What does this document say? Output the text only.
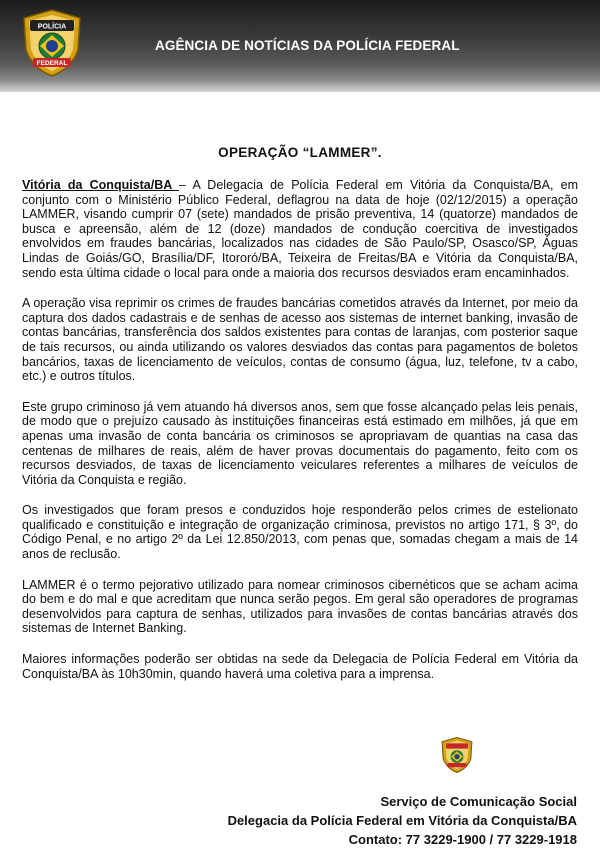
POLÍCIA
FEDERAL
AGÊNCIA DE NOTÍCIAS DA POLÍCIA FEDERAL
OPERAÇÃO “LAMMER”.

Vitória da Conquista/BA – A Delegacia de Polícia Federal em Vitória da Conquista/BA, em conjunto com o Ministério Público Federal, deflagrou na data de hoje (02/12/2015) a operação LAMMER, visando cumprir 07 (sete) mandados de prisão preventiva, 14 (quatorze) mandados de busca e apreensão, além de 12 (doze) mandados de condução coercitiva de investigados envolvidos em fraudes bancárias, localizados nas cidades de São Paulo/SP, Osasco/SP, Águas Lindas de Goiás/GO, Brasília/DF, Itororó/BA, Teixeira de Freitas/BA e Vitória da Conquista/BA, sendo esta última cidade o local para onde a maioria dos recursos desviados eram encaminhados.

A operação visa reprimir os crimes de fraudes bancárias cometidos através da Internet, por meio da captura dos dados cadastrais e de senhas de acesso aos sistemas de internet banking, invasão de contas bancárias, transferência dos saldos existentes para contas de laranjas, com posterior saque de tais recursos, ou ainda utilizando os valores desviados das contas para pagamentos de boletos bancários, taxas de licenciamento de veículos, contas de consumo (água, luz, telefone, tv a cabo, etc.) e outros títulos.

Este grupo criminoso já vem atuando há diversos anos, sem que fosse alcançado pelas leis penais, de modo que o prejuízo causado às instituições financeiras está estimado em milhões, já que em apenas uma invasão de conta bancária os criminosos se apropriavam de quantias na casa das centenas de milhares de reais, além de haver provas documentais do pagamento, feito com os recursos desviados, de taxas de licenciamento veiculares referentes a milhares de veículos de Vitória da Conquista e região.

Os investigados que foram presos e conduzidos hoje responderão pelos crimes de estelionato qualificado e constituição e integração de organização criminosa, previstos no artigo 171, § 3º, do Código Penal, e no artigo 2º da Lei 12.850/2013, com penas que, somadas chegam a mais de 14 anos de reclusão.

LAMMER é o termo pejorativo utilizado para nomear criminosos cibernéticos que se acham acima do bem e do mal e que acreditam que nunca serão pegos. Em geral são operadores de programas desenvolvidos para captura de senhas, utilizados para invasões de contas bancárias através dos sistemas de Internet Banking.

Maiores informações poderão ser obtidas na sede da Delegacia de Polícia Federal em Vitória da Conquista/BA às 10h30min, quando haverá uma coletiva para a imprensa.

Serviço de Comunicação Social
Delegacia da Polícia Federal em Vitória da Conquista/BA
Contato: 77 3229-1900 / 77 3229-1918
